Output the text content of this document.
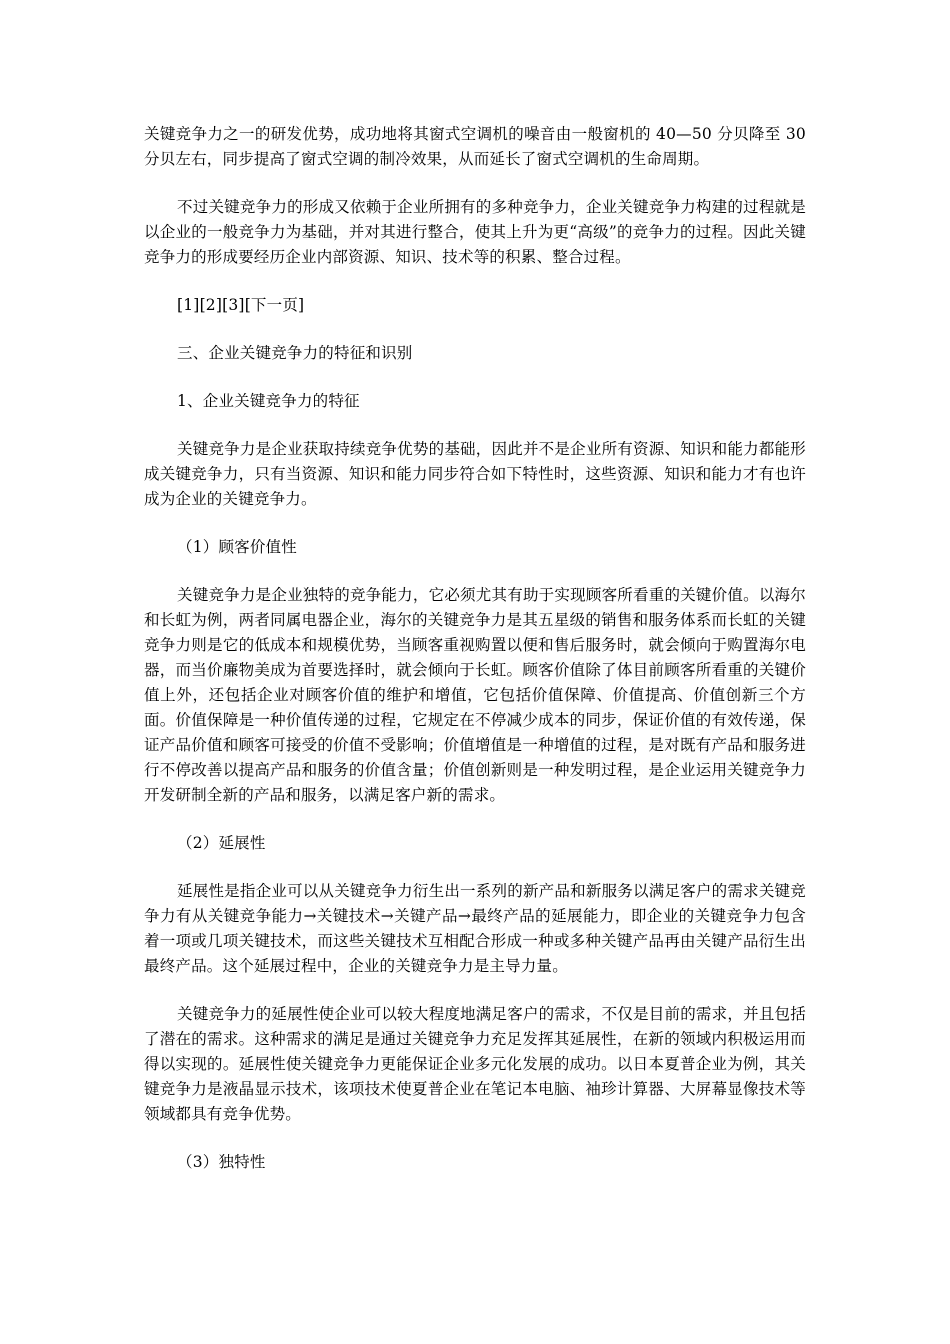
关键竞争力之一的研发优势，成功地将其窗式空调机的噪音由一般窗机的 40—50 分贝降至 30 分贝左右，同步提高了窗式空调的制冷效果，从而延长了窗式空调机的生命周期。

不过关键竞争力的形成又依赖于企业所拥有的多种竞争力，企业关键竞争力构建的过程就是以企业的一般竞争力为基础，并对其进行整合，使其上升为更“高级”的竞争力的过程。因此关键竞争力的形成要经历企业内部资源、知识、技术等的积累、整合过程。

[1][2][3][下一页]

三、企业关键竞争力的特征和识别

1、企业关键竞争力的特征

关键竞争力是企业获取持续竞争优势的基础，因此并不是企业所有资源、知识和能力都能形成关键竞争力，只有当资源、知识和能力同步符合如下特性时，这些资源、知识和能力才有也许成为企业的关键竞争力。

（1）顾客价值性

关键竞争力是企业独特的竞争能力，它必须尤其有助于实现顾客所看重的关键价值。以海尔和长虹为例，两者同属电器企业，海尔的关键竞争力是其五星级的销售和服务体系而长虹的关键竞争力则是它的低成本和规模优势，当顾客重视购置以便和售后服务时，就会倾向于购置海尔电器，而当价廉物美成为首要选择时，就会倾向于长虹。顾客价值除了体目前顾客所看重的关键价值上外，还包括企业对顾客价值的维护和增值，它包括价值保障、价值提高、价值创新三个方面。价值保障是一种价值传递的过程，它规定在不停减少成本的同步，保证价值的有效传递，保证产品价值和顾客可接受的价值不受影响；价值增值是一种增值的过程，是对既有产品和服务进行不停改善以提高产品和服务的价值含量；价值创新则是一种发明过程，是企业运用关键竞争力开发研制全新的产品和服务，以满足客户新的需求。

（2）延展性

延展性是指企业可以从关键竞争力衍生出一系列的新产品和新服务以满足客户的需求关键竞争力有从关键竞争能力→关键技术→关键产品→最终产品的延展能力，即企业的关键竞争力包含着一项或几项关键技术，而这些关键技术互相配合形成一种或多种关键产品再由关键产品衍生出最终产品。这个延展过程中，企业的关键竞争力是主导力量。

关键竞争力的延展性使企业可以较大程度地满足客户的需求，不仅是目前的需求，并且包括了潜在的需求。这种需求的满足是通过关键竞争力充足发挥其延展性，在新的领域内积极运用而得以实现的。延展性使关键竞争力更能保证企业多元化发展的成功。以日本夏普企业为例，其关键竞争力是液晶显示技术，该项技术使夏普企业在笔记本电脑、袖珍计算器、大屏幕显像技术等领域都具有竞争优势。

（3）独特性
